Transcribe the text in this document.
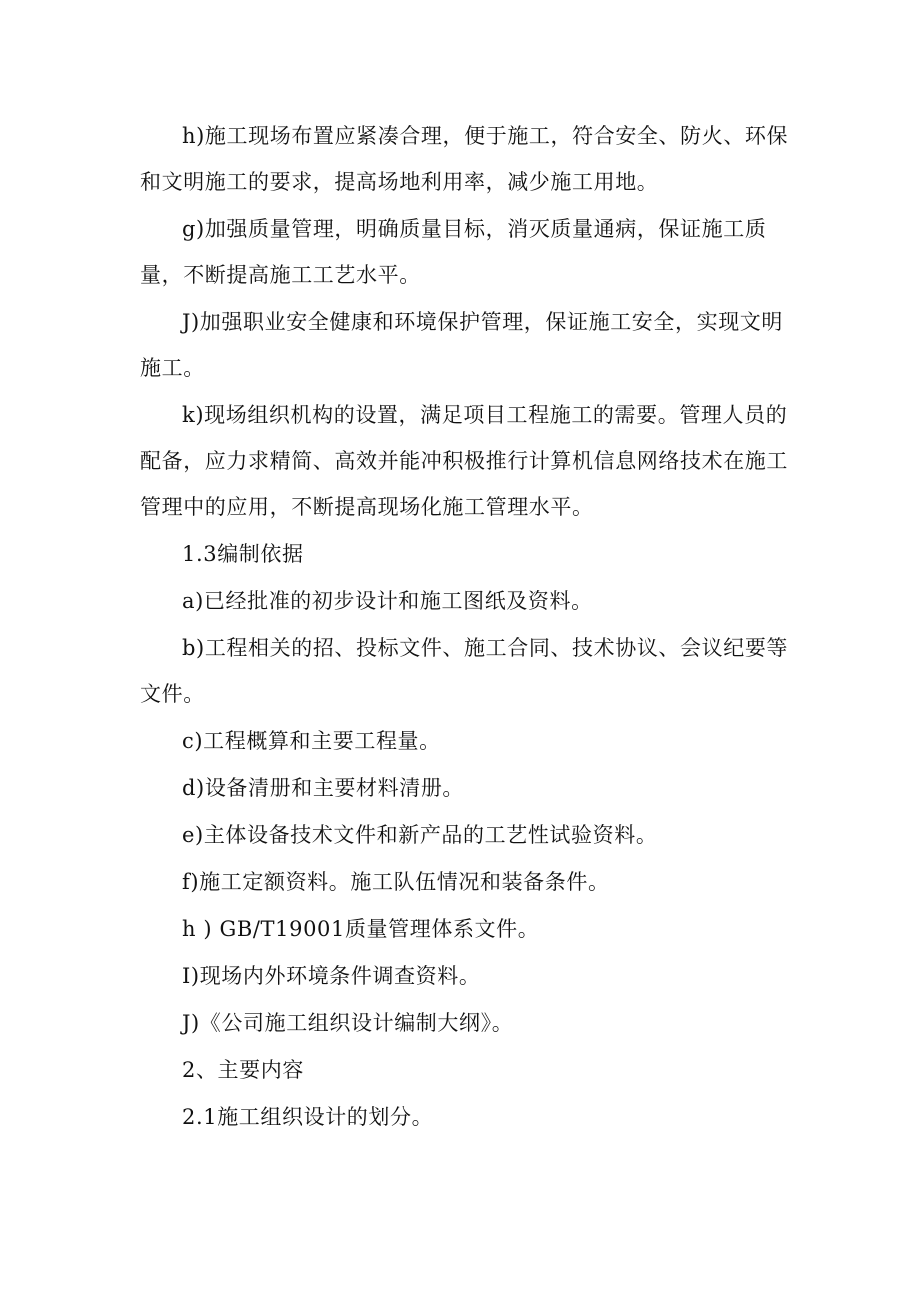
h)施工现场布置应紧凑合理，便于施工，符合安全、防火、环保和文明施工的要求，提高场地利用率，减少施工用地。

g)加强质量管理，明确质量目标，消灭质量通病，保证施工质量，不断提高施工工艺水平。

J)加强职业安全健康和环境保护管理，保证施工安全，实现文明施工。

k)现场组织机构的设置，满足项目工程施工的需要。管理人员的配备，应力求精简、高效并能冲积极推行计算机信息网络技术在施工管理中的应用，不断提高现场化施工管理水平。

1.3编制依据

a)已经批准的初步设计和施工图纸及资料。

b)工程相关的招、投标文件、施工合同、技术协议、会议纪要等文件。

c)工程概算和主要工程量。

d)设备清册和主要材料清册。

e)主体设备技术文件和新产品的工艺性试验资料。

f)施工定额资料。施工队伍情况和装备条件。

h ) GB/T19001质量管理体系文件。

I)现场内外环境条件调查资料。

J)《公司施工组织设计编制大纲》。

2、主要内容

2.1施工组织设计的划分。
